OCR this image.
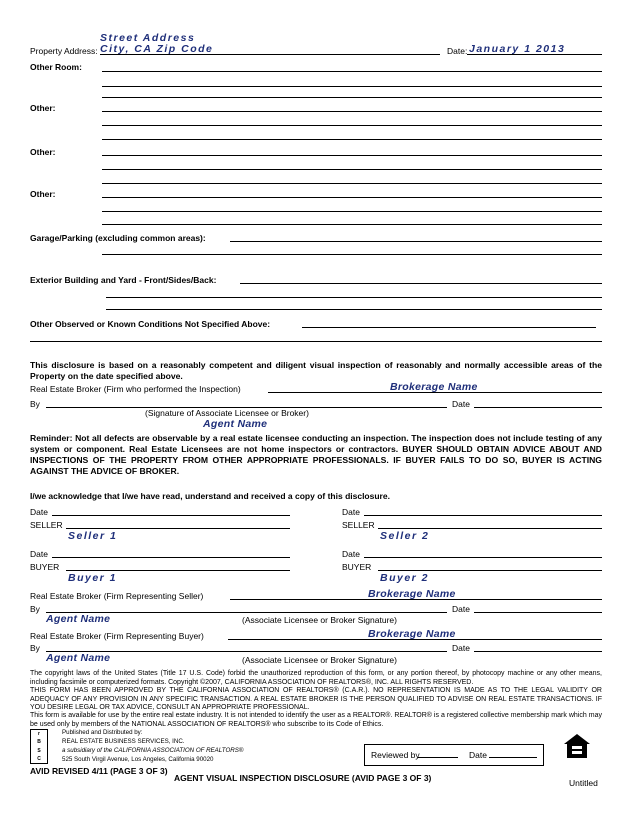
Street Address
Property Address: City, CA Zip Code	Date: January 1 2013
Other Room:
Other:
Other:
Other:
Garage/Parking (excluding common areas):
Exterior Building and Yard - Front/Sides/Back:
Other Observed or Known Conditions Not Specified Above:
This disclosure is based on a reasonably competent and diligent visual inspection of reasonably and normally accessible areas of the Property on the date specified above.
Real Estate Broker (Firm who performed the Inspection)	Brokerage Name
By	Date
(Signature of Associate Licensee or Broker)
Agent Name
Reminder: Not all defects are observable by a real estate licensee conducting an inspection. The inspection does not include testing of any system or component. Real Estate Licensees are not home inspectors or contractors. BUYER SHOULD OBTAIN ADVICE ABOUT AND INSPECTIONS OF THE PROPERTY FROM OTHER APPROPRIATE PROFESSIONALS. IF BUYER FAILS TO DO SO, BUYER IS ACTING AGAINST THE ADVICE OF BROKER.
I/we acknowledge that I/we have read, understand and received a copy of this disclosure.
Date
SELLER
Seller 1
Date
BUYER
Buyer 1
Date
SELLER
Seller 2
Date
BUYER
Buyer 2
Real Estate Broker (Firm Representing Seller)	Brokerage Name
By	Date
Agent Name	(Associate Licensee or Broker Signature)
Real Estate Broker (Firm Representing Buyer)	Brokerage Name
By	Date
Agent Name	(Associate Licensee or Broker Signature)
The copyright laws of the United States (Title 17 U.S. Code) forbid the unauthorized reproduction of this form, or any portion thereof, by photocopy machine or any other means, including facsimile or computerized formats. Copyright ©2007, CALIFORNIA ASSOCIATION OF REALTORS®, INC. ALL RIGHTS RESERVED.
THIS FORM HAS BEEN APPROVED BY THE CALIFORNIA ASSOCIATION OF REALTORS® (C.A.R.). NO REPRESENTATION IS MADE AS TO THE LEGAL VALIDITY OR ADEQUACY OF ANY PROVISION IN ANY SPECIFIC TRANSACTION. A REAL ESTATE BROKER IS THE PERSON QUALIFIED TO ADVISE ON REAL ESTATE TRANSACTIONS. IF YOU DESIRE LEGAL OR TAX ADVICE, CONSULT AN APPROPRIATE PROFESSIONAL.
This form is available for use by the entire real estate industry. It is not intended to identify the user as a REALTOR®. REALTOR® is a registered collective membership mark which may be used only by members of the NATIONAL ASSOCIATION OF REALTORS® who subscribe to its Code of Ethics.
r
B
S
C
Published and Distributed by:
REAL ESTATE BUSINESS SERVICES, INC.
a subsidiary of the CALIFORNIA ASSOCIATION OF REALTORS®
525 South Virgil Avenue, Los Angeles, California 90020	Reviewed by	Date
AVID REVISED 4/11 (PAGE 3 OF 3)
AGENT VISUAL INSPECTION DISCLOSURE (AVID PAGE 3 OF 3)	Untitled
